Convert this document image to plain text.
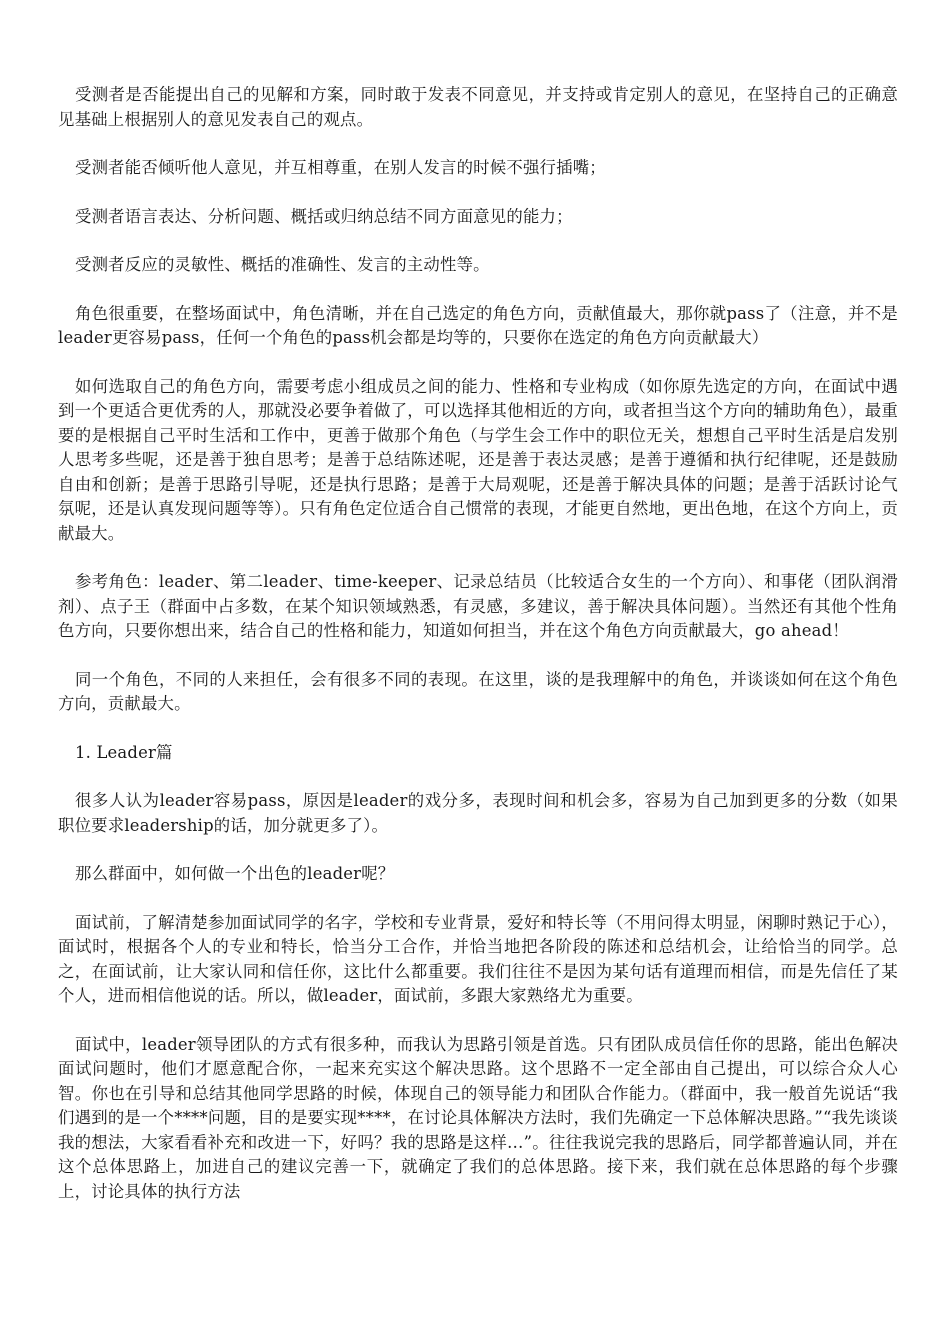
受测者是否能提出自己的见解和方案，同时敢于发表不同意见，并支持或肯定别人的意见，在坚持自己的正确意见基础上根据别人的意见发表自己的观点。

受测者能否倾听他人意见，并互相尊重，在别人发言的时候不强行插嘴；

受测者语言表达、分析问题、概括或归纳总结不同方面意见的能力；

受测者反应的灵敏性、概括的准确性、发言的主动性等。

角色很重要，在整场面试中，角色清晰，并在自己选定的角色方向，贡献值最大，那你就pass了（注意，并不是leader更容易pass，任何一个角色的pass机会都是均等的，只要你在选定的角色方向贡献最大）

如何选取自己的角色方向，需要考虑小组成员之间的能力、性格和专业构成（如你原先选定的方向，在面试中遇到一个更适合更优秀的人，那就没必要争着做了，可以选择其他相近的方向，或者担当这个方向的辅助角色），最重要的是根据自己平时生活和工作中，更善于做那个角色（与学生会工作中的职位无关，想想自己平时生活是启发别人思考多些呢，还是善于独自思考；是善于总结陈述呢，还是善于表达灵感；是善于遵循和执行纪律呢，还是鼓励自由和创新；是善于思路引导呢，还是执行思路；是善于大局观呢，还是善于解决具体的问题；是善于活跃讨论气氛呢，还是认真发现问题等等）。只有角色定位适合自己惯常的表现，才能更自然地，更出色地，在这个方向上，贡献最大。

参考角色：leader、第二leader、time-keeper、记录总结员（比较适合女生的一个方向）、和事佬（团队润滑剂）、点子王（群面中占多数，在某个知识领域熟悉，有灵感，多建议，善于解决具体问题）。当然还有其他个性角色方向，只要你想出来，结合自己的性格和能力，知道如何担当，并在这个角色方向贡献最大，go ahead！

同一个角色，不同的人来担任，会有很多不同的表现。在这里，谈的是我理解中的角色，并谈谈如何在这个角色方向，贡献最大。

1. Leader篇

很多人认为leader容易pass，原因是leader的戏分多，表现时间和机会多，容易为自己加到更多的分数（如果职位要求leadership的话，加分就更多了）。

那么群面中，如何做一个出色的leader呢？

面试前，了解清楚参加面试同学的名字，学校和专业背景，爱好和特长等（不用问得太明显，闲聊时熟记于心），面试时，根据各个人的专业和特长，恰当分工合作，并恰当地把各阶段的陈述和总结机会，让给恰当的同学。总之，在面试前，让大家认同和信任你，这比什么都重要。我们往往不是因为某句话有道理而相信，而是先信任了某个人，进而相信他说的话。所以，做leader，面试前，多跟大家熟络尤为重要。

面试中，leader领导团队的方式有很多种，而我认为思路引领是首选。只有团队成员信任你的思路，能出色解决面试问题时，他们才愿意配合你，一起来充实这个解决思路。这个思路不一定全部由自己提出，可以综合众人心智。你也在引导和总结其他同学思路的时候，体现自己的领导能力和团队合作能力。（群面中，我一般首先说话“我们遇到的是一个****问题，目的是要实现****，在讨论具体解决方法时，我们先确定一下总体解决思路。”“我先谈谈我的想法，大家看看补充和改进一下，好吗？我的思路是这样…”。往往我说完我的思路后，同学都普遍认同，并在这个总体思路上，加进自己的建议完善一下，就确定了我们的总体思路。接下来，我们就在总体思路的每个步骤上，讨论具体的执行方法
